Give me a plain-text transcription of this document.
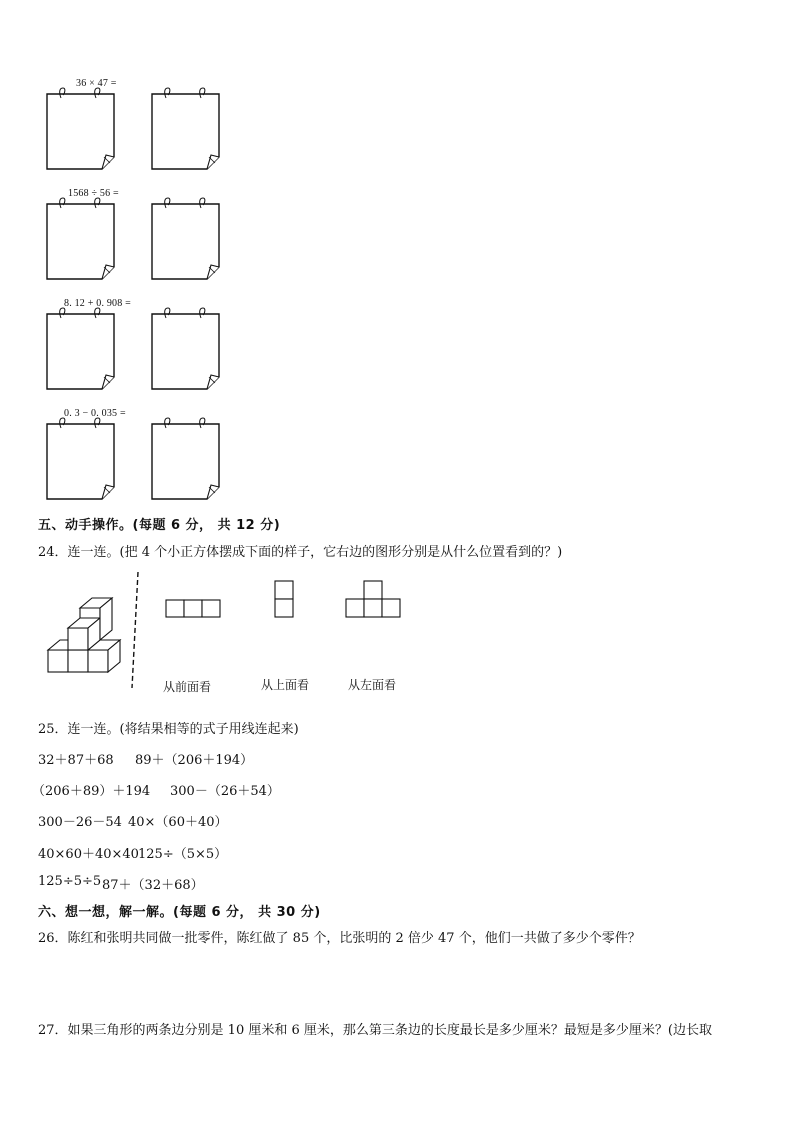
36 × 47 =
1568 ÷ 56 =
8. 12 + 0. 908 =
0. 3 − 0. 035 =
五、动手操作。(每题 6 分， 共 12 分)
24．连一连。(把 4 个小正方体摆成下面的样子，它右边的图形分别是从什么位置看到的？)
从前面看	从上面看	从左面看
25．连一连。(将结果相等的式子用线连起来)
32＋87＋68 89＋（206＋194）
（206＋89）＋194 300－（26＋54）
300－26－54 40×（60＋40）
40×60＋40×40 125÷（5×5）
125÷5÷5 87＋（32＋68）
六、想一想，解一解。(每题 6 分， 共 30 分)
26．陈红和张明共同做一批零件，陈红做了 85 个，比张明的 2 倍少 47 个，他们一共做了多少个零件？
27．如果三角形的两条边分别是 10 厘米和 6 厘米，那么第三条边的长度最长是多少厘米？最短是多少厘米？(边长取
